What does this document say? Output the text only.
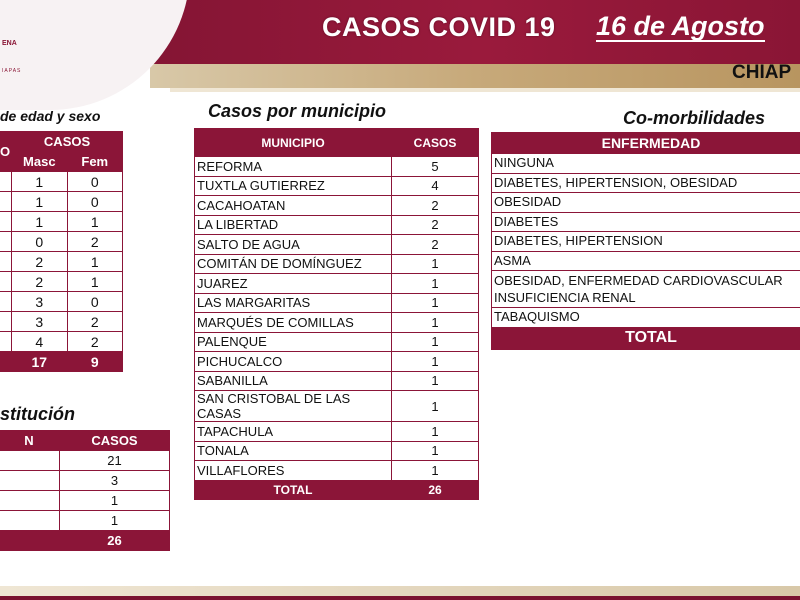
ENA
IAPAS
CASOS COVID 19 16 de Agosto
CHIAP
de edad y sexo
O	CASOS	
	Masc	Fem
	1	0
	1	0
	1	1
	0	2
	2	1
	2	1
	3	0
	3	2
	4	2
	17	9
stitución
N	CASOS
	21
	3
	1
	1
	26
Casos por municipio
MUNICIPIO	CASOS
REFORMA	5
TUXTLA GUTIERREZ	4
CACAHOATAN	2
LA LIBERTAD	2
SALTO DE AGUA	2
COMITÁN DE DOMÍNGUEZ	1
JUAREZ	1
LAS MARGARITAS	1
MARQUÉS DE COMILLAS	1
PALENQUE	1
PICHUCALCO	1
SABANILLA	1
SAN CRISTOBAL DE LAS CASAS	1
TAPACHULA	1
TONALA	1
VILLAFLORES	1
TOTAL	26
Co-morbilidades
ENFERMEDAD
NINGUNA
DIABETES, HIPERTENSION, OBESIDAD
OBESIDAD
DIABETES
DIABETES, HIPERTENSION
ASMA
OBESIDAD, ENFERMEDAD CARDIOVASCULAR INSUFICIENCIA RENAL
TABAQUISMO
TOTAL
